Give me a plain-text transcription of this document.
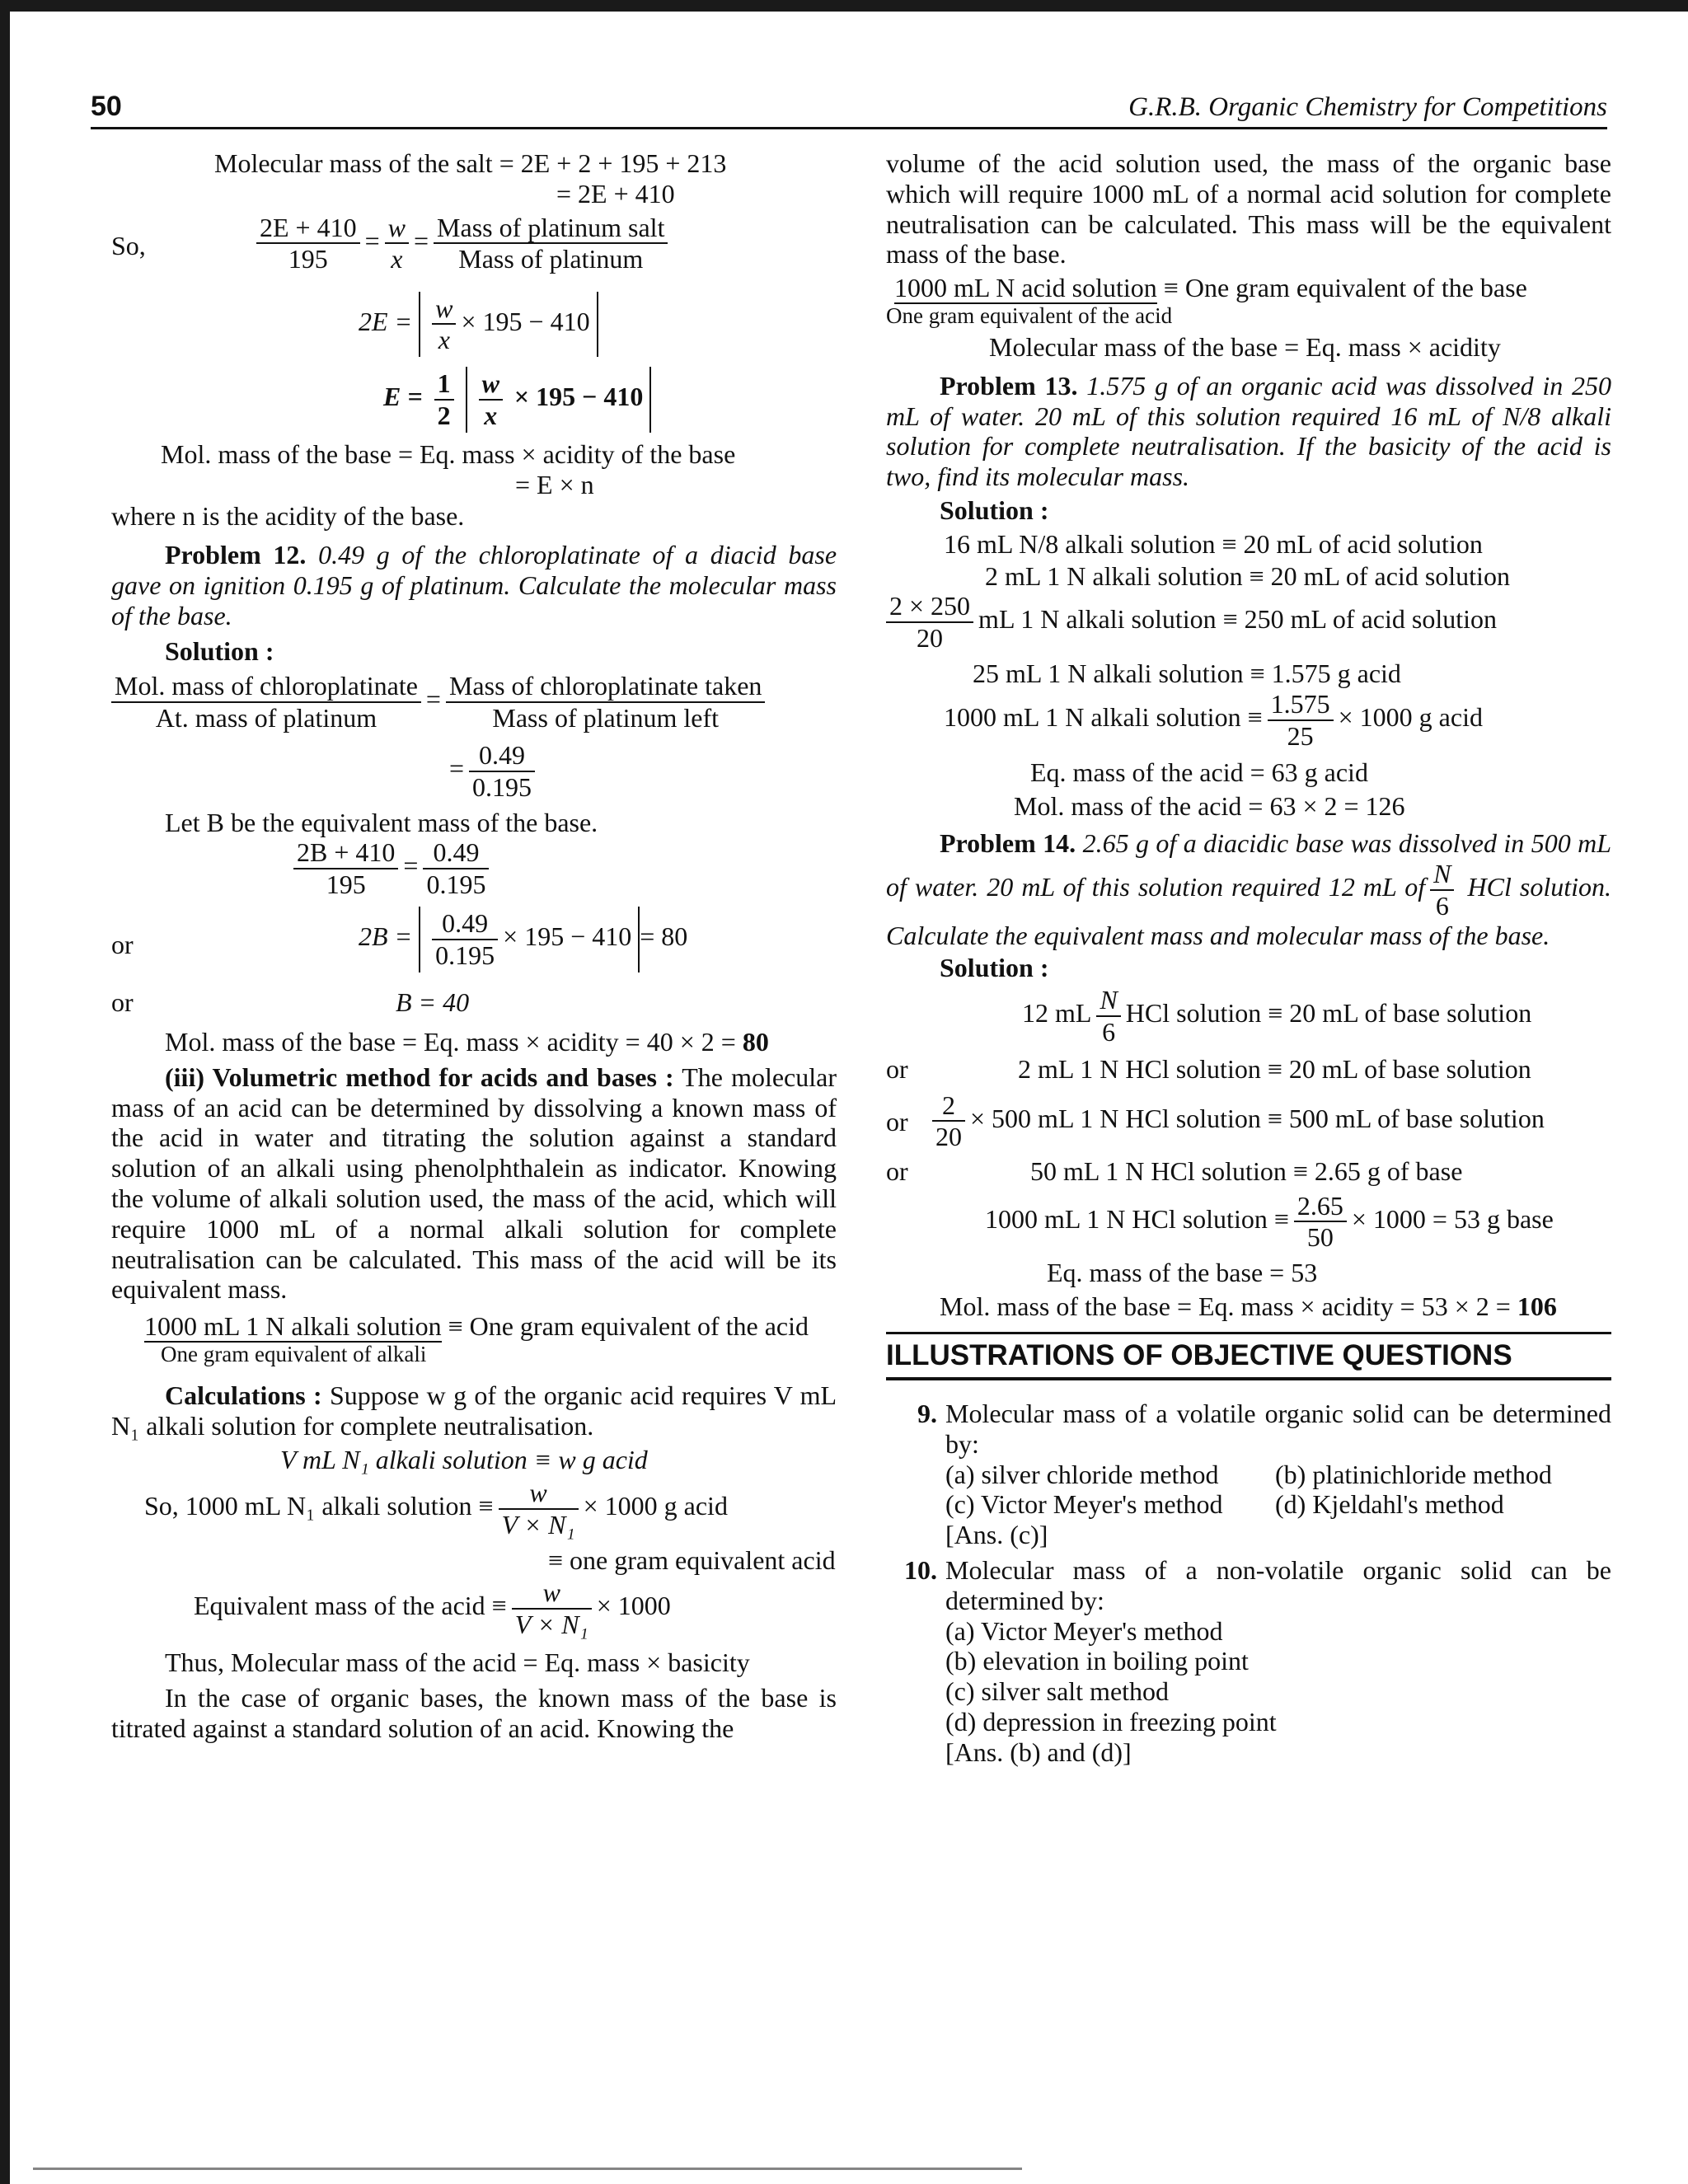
50	G.R.B. Organic Chemistry for Competitions

Molecular mass of the salt = 2E + 2 + 195 + 213

= 2E + 410

So,	$\frac{2E + 410}{195} = \frac{w}{x}$ = Mass of platinum salt
Mass of platinum
$2E = \frac{w}{x} \times 195 - 410$
$E = \frac{1}{2}$
$\frac{w}{x} \times 195 - 410$

Mol. mass of the base = Eq. mass × acidity of the base

= E × n

where n is the acidity of the base.

Problem 12. 0.49 g of the chloroplatinate of a diacid base gave on ignition 0.195 g of platinum. Calculate the molecular mass of the base.

Solution :

Mol. mass of chloroplatinate
At. mass of platinum
= Mass of chloroplatinate taken
Mass of platinum left
= $\frac{0.49}{0.195}$

Let B be the equivalent mass of the base.

$\frac{2B + 410}{195} = \frac{0.49}{0.195}$
or	$2B = \frac{0.49}{0.195} \times 195 - 410 = 80$
or	B = 40

Mol. mass of the base = Eq. mass × acidity = 40 × 2 = 80

(iii) Volumetric method for acids and bases : The molecular mass of an acid can be determined by dissolving a known mass of the acid in water and titrating the solution against a standard solution of an alkali using phenolphthalein as indicator. Knowing the volume of alkali solution used, the mass of the acid, which will require 1000 mL of a normal alkali solution for complete neutralisation can be calculated. This mass of the acid will be its equivalent mass.

1000 mL 1 N alkali solution ≡ One gram equivalent of the acid

One gram equivalent of alkali

Calculations : Suppose w g of the organic acid requires V mL N₁ alkali solution for complete neutralisation.

V mL N₁ alkali solution ≡ w g acid

So, 1000 mL N₁ alkali solution ≡ $\frac{w}{\text{V × N₁}} \times 1000$ g acid

≡ one gram equivalent acid

Equivalent mass of the acid ≡ $\frac{w}{\text{V × N₁}} \times 1000$

Thus, Molecular mass of the acid = Eq. mass × basicity

In the case of organic bases, the known mass of the base is titrated against a standard solution of an acid. Knowing the

volume of the acid solution used, the mass of the organic base which will require 1000 mL of a normal acid solution for complete neutralisation can be calculated. This mass will be the equivalent mass of the base.

1000 mL N acid solution ≡ One gram equivalent of the base

One gram equivalent of the acid

Molecular mass of the base = Eq. mass × acidity

Problem 13. 1.575 g of an organic acid was dissolved in 250 mL of water. 20 mL of this solution required 16 mL of N/8 alkali solution for complete neutralisation. If the basicity of the acid is two, find its molecular mass.

Solution :

16 mL N/8 alkali solution ≡ 20 mL of acid solution

2 mL 1 N alkali solution ≡ 20 mL of acid solution

$\frac{2 \times 250}{20}$ mL 1 N alkali solution ≡ 250 mL of acid solution

25 mL 1 N alkali solution ≡ 1.575 g acid

1000 mL 1 N alkali solution ≡ $\frac{1.575}{25} \times 1000$ g acid

Eq. mass of the acid = 63 g acid

Mol. mass of the acid = 63 × 2 = 126

Problem 14. 2.65 g of a diacidic base was dissolved in 500 mL of water. 20 mL of this solution required 12 mL of $\frac{N}{6}$ HCl solution. Calculate the equivalent mass and molecular mass of the base.

Solution :

12 mL $\frac{N}{6}$ HCl solution ≡ 20 mL of base solution
or	2 mL 1 N HCl solution ≡ 20 mL of base solution
or $\frac{2}{20} \times 500$ mL 1 N HCl solution ≡ 500 mL of base solution
or	50 mL 1 N HCl solution ≡ 2.65 g of base
1000 mL 1 N HCl solution ≡ $\frac{2.65}{50} \times 1000 = 53$ g base

Eq. mass of the base = 53

Mol. mass of the base = Eq. mass × acidity = 53 × 2 = 106

ILLUSTRATIONS OF OBJECTIVE QUESTIONS
9. Molecular mass of a volatile organic solid can be determined by:
(a) silver chloride method (b) platinichloride method
(c) Victor Meyer's method (d) Kjeldahl's method
[Ans. (c)]
10. Molecular mass of a non-volatile organic solid can be determined by:
(a) Victor Meyer's method
(b) elevation in boiling point
(c) silver salt method
(d) depression in freezing point
[Ans. (b) and (d)]
